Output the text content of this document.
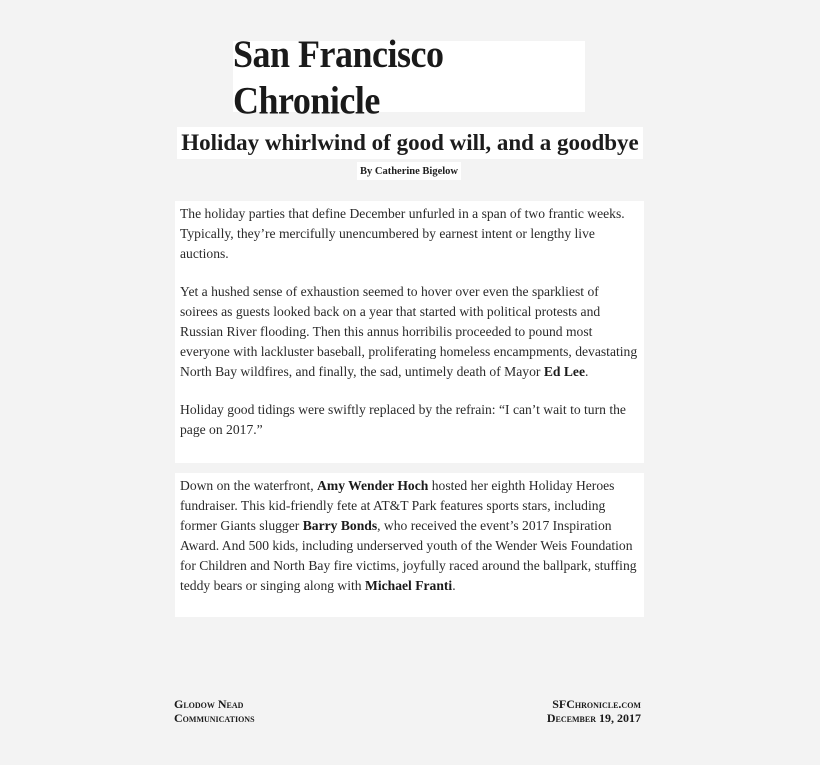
San Francisco Chronicle
Holiday whirlwind of good will, and a goodbye
By Catherine Bigelow

The holiday parties that define December unfurled in a span of two frantic weeks. Typically, they’re mercifully unencumbered by earnest intent or lengthy live auctions.

Yet a hushed sense of exhaustion seemed to hover over even the sparkliest of soirees as guests looked back on a year that started with political protests and Russian River flooding. Then this annus horribilis proceeded to pound most everyone with lackluster baseball, proliferating homeless encampments, devastating North Bay wildfires, and finally, the sad, untimely death of Mayor Ed Lee.

Holiday good tidings were swiftly replaced by the refrain: “I can’t wait to turn the page on 2017.”

Down on the waterfront, Amy Wender Hoch hosted her eighth Holiday Heroes fundraiser. This kid-friendly fete at AT&T Park features sports stars, including former Giants slugger Barry Bonds, who received the event’s 2017 Inspiration Award. And 500 kids, including underserved youth of the Wender Weis Foundation for Children and North Bay fire victims, joyfully raced around the ballpark, stuffing teddy bears or singing along with Michael Franti.

Glodow Nead
Communications
SFChronicle.com
December 19, 2017
